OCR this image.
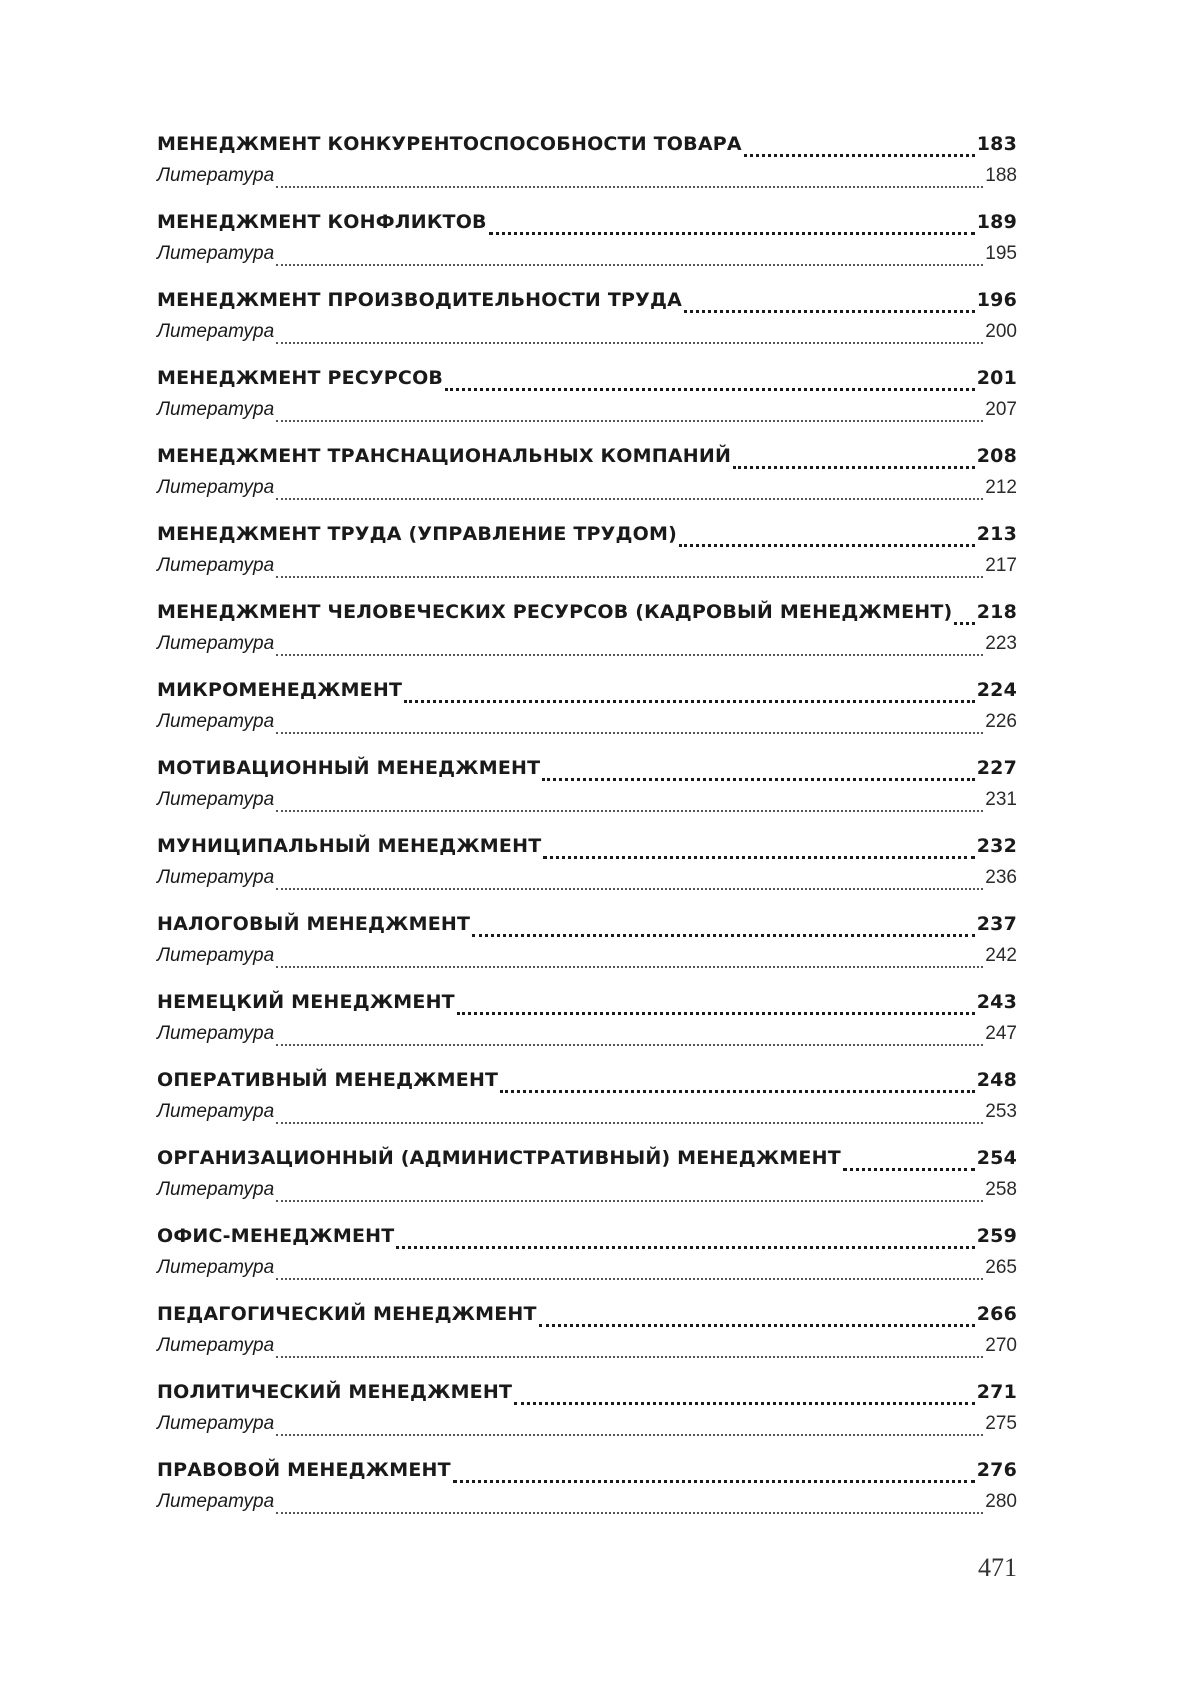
МЕНЕДЖМЕНТ КОНКУРЕНТОСПОСОБНОСТИ ТОВАРА	183
Литература	188
МЕНЕДЖМЕНТ КОНФЛИКТОВ	189
Литература	195
МЕНЕДЖМЕНТ ПРОИЗВОДИТЕЛЬНОСТИ ТРУДА	196
Литература	200
МЕНЕДЖМЕНТ РЕСУРСОВ	201
Литература	207
МЕНЕДЖМЕНТ ТРАНСНАЦИОНАЛЬНЫХ КОМПАНИЙ	208
Литература	212
МЕНЕДЖМЕНТ ТРУДА (УПРАВЛЕНИЕ ТРУДОМ)	213
Литература	217
МЕНЕДЖМЕНТ ЧЕЛОВЕЧЕСКИХ РЕСУРСОВ (КАДРОВЫЙ МЕНЕДЖМЕНТ) 218
Литература	223
МИКРОМЕНЕДЖМЕНТ	224
Литература	226
МОТИВАЦИОННЫЙ МЕНЕДЖМЕНТ	227
Литература	231
МУНИЦИПАЛЬНЫЙ МЕНЕДЖМЕНТ	232
Литература	236
НАЛОГОВЫЙ МЕНЕДЖМЕНТ	237
Литература	242
НЕМЕЦКИЙ МЕНЕДЖМЕНТ	243
Литература	247
ОПЕРАТИВНЫЙ МЕНЕДЖМЕНТ	248
Литература	253
ОРГАНИЗАЦИОННЫЙ (АДМИНИСТРАТИВНЫЙ) МЕНЕДЖМЕНТ	254
Литература	258
ОФИС-МЕНЕДЖМЕНТ	259
Литература	265
ПЕДАГОГИЧЕСКИЙ МЕНЕДЖМЕНТ	266
Литература	270
ПОЛИТИЧЕСКИЙ МЕНЕДЖМЕНТ	271
Литература	275
ПРАВОВОЙ МЕНЕДЖМЕНТ	276
Литература	280
471
